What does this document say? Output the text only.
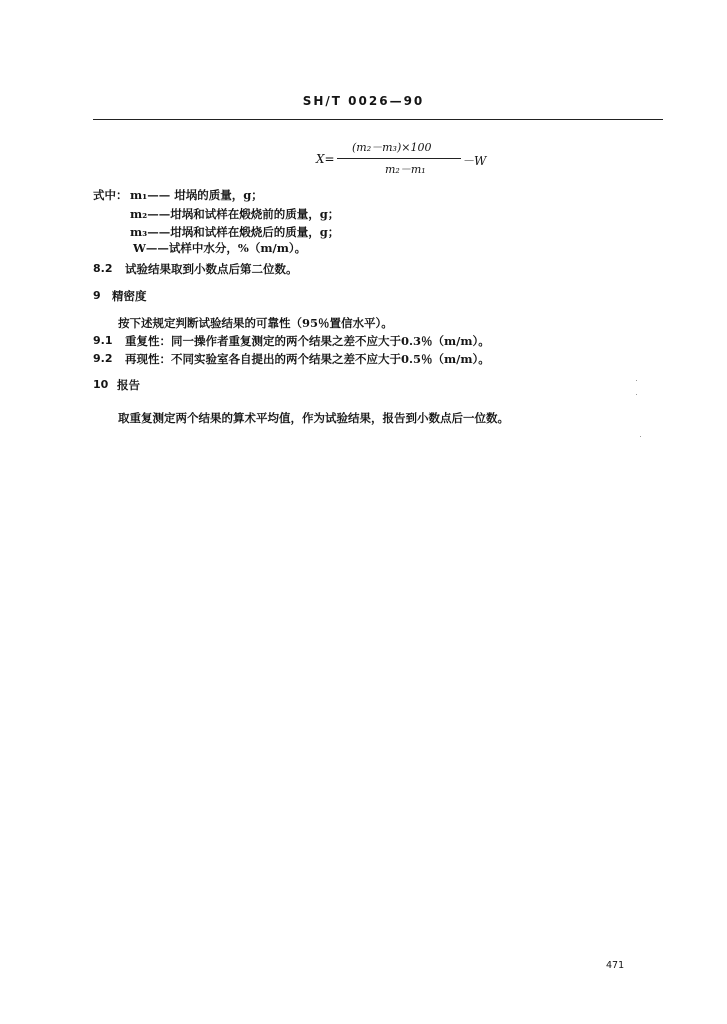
SH/T 0026—90
X=
(m₂－m₃)×100
m₂－m₁
－W
式中： m₁—— 坩埚的质量，g；
m₂——坩埚和试样在煅烧前的质量，g；
m₃——坩埚和试样在煅烧后的质量，g；
W——试样中水分，%（m/m）。
8.2 试验结果取到小数点后第二位数。
9 精密度
按下述规定判断试验结果的可靠性（95％置信水平）。
9.1 重复性：同一操作者重复测定的两个结果之差不应大于0.3％（m/m）。
9.2 再现性：不同实验室各自提出的两个结果之差不应大于0.5％（m/m）。
10 报告
取重复测定两个结果的算术平均值，作为试验结果，报告到小数点后一位数。
471
